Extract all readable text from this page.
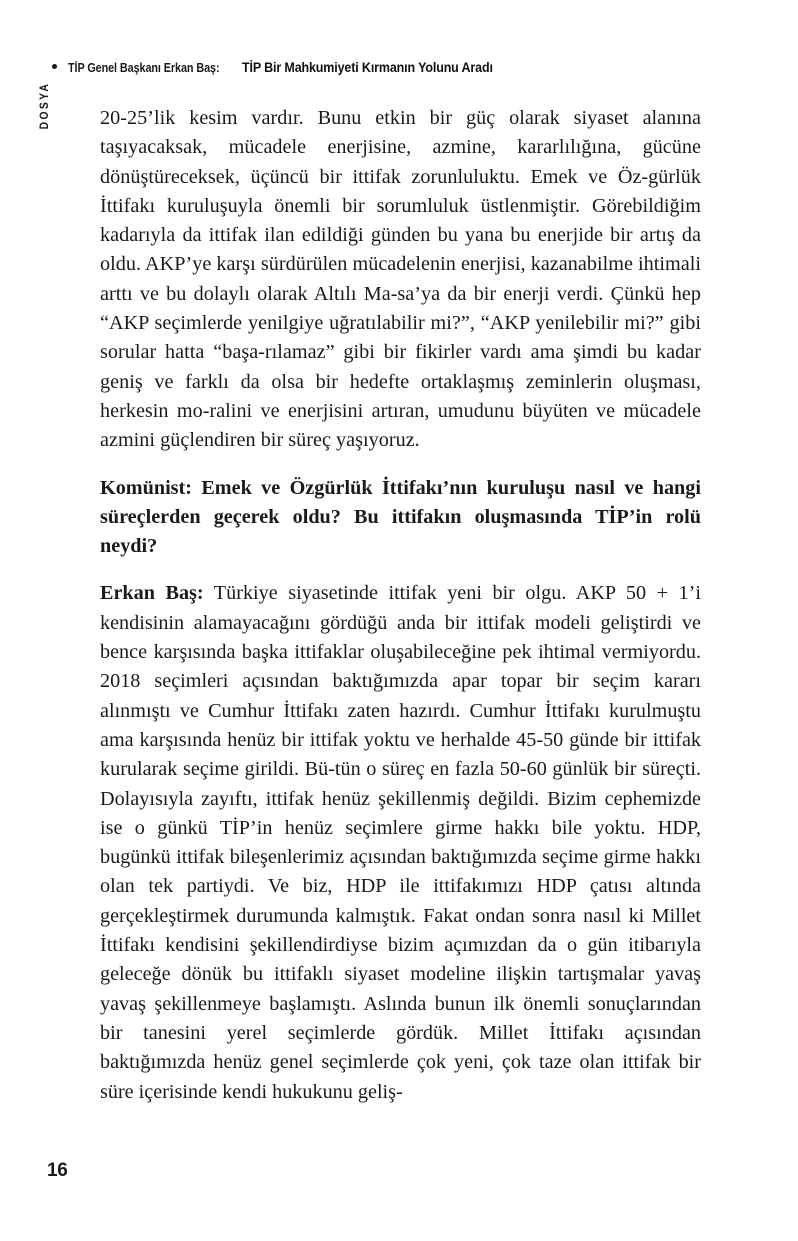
TİP Genel Başkanı Erkan Baş: TİP Bir Mahkumiyeti Kırmanın Yolunu Aradı
DOSYA 20-25’lik kesim vardır. Bunu etkin bir güç olarak siyaset alanına taşıyacaksak, mücadele enerjisine, azmine, kararlılığına, gücüne dönüştüreceksek, üçüncü bir ittifak zorunluluktu. Emek ve Öz-gürlük İttifakı kuruluşuyla önemli bir sorumluluk üstlenmiştir. Görebildiğim kadarıyla da ittifak ilan edildiği günden bu yana bu enerjide bir artış da oldu. AKP’ye karşı sürdürülen mücadelenin enerjisi, kazanabilme ihtimali arttı ve bu dolaylı olarak Altılı Ma-sa’ya da bir enerji verdi. Çünkü hep “AKP seçimlerde yenilgiye uğratılabilir mi?”, “AKP yenilebilir mi?” gibi sorular hatta “başa-rılamaz” gibi bir fikirler vardı ama şimdi bu kadar geniş ve farklı da olsa bir hedefte ortaklaşmış zeminlerin oluşması, herkesin mo-ralini ve enerjisini artıran, umudunu büyüten ve mücadele azmini güçlendiren bir süreç yaşıyoruz.

Komünist: Emek ve Özgürlük İttifakı’nın kuruluşu nasıl ve hangi süreçlerden geçerek oldu? Bu ittifakın oluşmasında TİP’in rolü neydi?

Erkan Baş: Türkiye siyasetinde ittifak yeni bir olgu. AKP 50 + 1’i kendisinin alamayacağını gördüğü anda bir ittifak modeli geliştirdi ve bence karşısında başka ittifaklar oluşabileceğine pek ihtimal vermiyordu. 2018 seçimleri açısından baktığımızda apar topar bir seçim kararı alınmıştı ve Cumhur İttifakı zaten hazırdı. Cumhur İttifakı kurulmuştu ama karşısında henüz bir ittifak yoktu ve herhalde 45-50 günde bir ittifak kurularak seçime girildi. Bü-tün o süreç en fazla 50-60 günlük bir süreçti. Dolayısıyla zayıftı, ittifak henüz şekillenmiş değildi. Bizim cephemizde ise o günkü TİP’in henüz seçimlere girme hakkı bile yoktu. HDP, bugünkü ittifak bileşenlerimiz açısından baktığımızda seçime girme hakkı olan tek partiydi. Ve biz, HDP ile ittifakımızı HDP çatısı altında gerçekleştirmek durumunda kalmıştık. Fakat ondan sonra nasıl ki Millet İttifakı kendisini şekillendirdiyse bizim açımızdan da o gün itibarıyla geleceğe dönük bu ittifaklı siyaset modeline ilişkin tartışmalar yavaş yavaş şekillenmeye başlamıştı. Aslında bunun ilk önemli sonuçlarından bir tanesini yerel seçimlerde gördük. Millet İttifakı açısından baktığımızda henüz genel seçimlerde çok yeni, çok taze olan ittifak bir süre içerisinde kendi hukukunu geliş-

16
